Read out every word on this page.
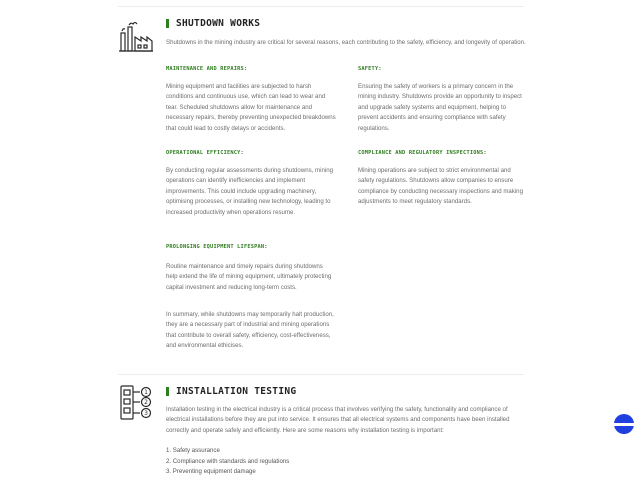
SHUTDOWN WORKS

Shutdowns in the mining industry are critical for several reasons, each contributing to the safety, efficiency, and longevity of operation.

MAINTENANCE AND REPAIRS:

Mining equipment and facilities are subjected to harsh conditions and continuous use, which can lead to wear and tear. Scheduled shutdowns allow for maintenance and necessary repairs, thereby preventing unexpected breakdowns that could lead to costly delays or accidents.

SAFETY:

Ensuring the safety of workers is a primary concern in the mining industry. Shutdowns provide an opportunity to inspect and upgrade safety systems and equipment, helping to prevent accidents and ensuring compliance with safety regulations.

OPERATIONAL EFFICIENCY:

By conducting regular assessments during shutdowns, mining operations can identify inefficiencies and implement improvements. This could include upgrading machinery, optimising processes, or installing new technology, leading to increased productivity when operations resume.

COMPLIANCE AND REGULATORY INSPECTIONS:

Mining operations are subject to strict environmental and safety regulations. Shutdowns allow companies to ensure compliance by conducting necessary inspections and making adjustments to meet regulatory standards.

PROLONGING EQUIPMENT LIFESPAN:

Routine maintenance and timely repairs during shutdowns help extend the life of mining equipment, ultimately protecting capital investment and reducing long-term costs.

In summary, while shutdowns may temporarily halt production, they are a necessary part of industrial and mining operations that contribute to overall safety, efficiency, cost-effectiveness, and environmental ethicises.

1
2
3
INSTALLATION TESTING

Installation testing in the electrical industry is a critical process that involves verifying the safety, functionality and compliance of electrical installations before they are put into service. It ensures that all electrical systems and components have been installed correctly and operate safely and efficiently. Here are some reasons why installation testing is important:

1. Safety assurance
2. Compliance with standards and regulations
3. Preventing equipment damage
